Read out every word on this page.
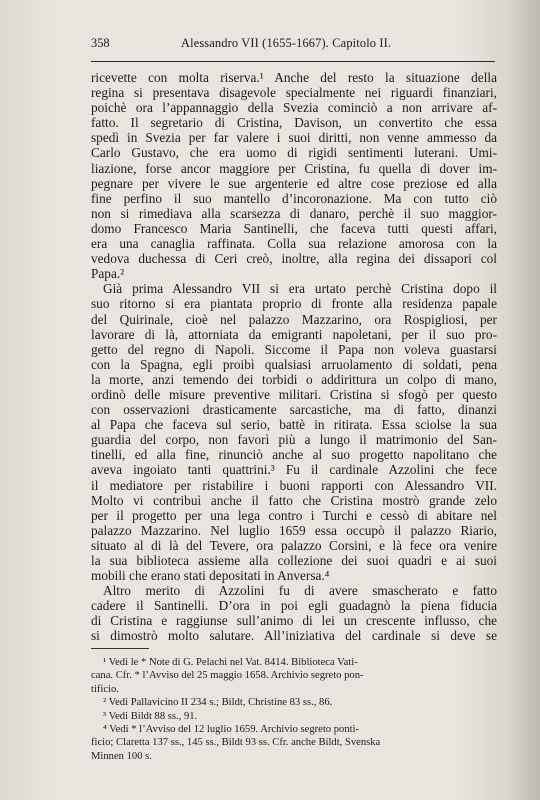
358	Alessandro VII (1655-1667). Capitolo II.
ricevette con molta riserva.¹ Anche del resto la situazione della
regina si presentava disagevole specialmente nei riguardi finanziari,
poichè ora l’appannaggio della Svezia cominciò a non arrivare af-
fatto. Il segretario di Cristina, Davison, un convertito che essa
spedì in Svezia per far valere i suoi diritti, non venne ammesso da
Carlo Gustavo, che era uomo di rigidi sentimenti luterani. Umi-
liazione, forse ancor maggiore per Cristina, fu quella di dover im-
pegnare per vivere le sue argenterie ed altre cose preziose ed alla
fine perfino il suo mantello d’incoronazione. Ma con tutto ciò
non si rimediava alla scarsezza di danaro, perchè il suo maggior-
domo Francesco Maria Santinelli, che faceva tutti questi affari,
era una canaglia raffinata. Colla sua relazione amorosa con la
vedova duchessa di Ceri creò, inoltre, alla regina dei dissapori col
Papa.²
Già prima Alessandro VII si era urtato perchè Cristina dopo il
suo ritorno si era piantata proprio di fronte alla residenza papale
del Quirinale, cioè nel palazzo Mazzarino, ora Rospigliosi, per
lavorare di là, attorniata da emigranti napoletani, per il suo pro-
getto del regno di Napoli. Siccome il Papa non voleva guastarsi
con la Spagna, egli proibì qualsiasi arruolamento di soldati, pena
la morte, anzi temendo dei torbidi o addirittura un colpo di mano,
ordinò delle misure preventive militari. Cristina si sfogò per questo
con osservazioni drasticamente sarcastiche, ma di fatto, dinanzi
al Papa che faceva sul serio, battè in ritirata. Essa sciolse la sua
guardia del corpo, non favorì più a lungo il matrimonio del San-
tinelli, ed alla fine, rinunciò anche al suo progetto napolitano che
aveva ingoiato tanti quattrini.³ Fu il cardinale Azzolini che fece
il mediatore per ristabilire i buoni rapporti con Alessandro VII.
Molto vi contribuì anche il fatto che Cristina mostrò grande zelo
per il progetto per una lega contro i Turchi e cessò di abitare nel
palazzo Mazzarino. Nel luglio 1659 essa occupò il palazzo Riario,
situato al di là del Tevere, ora palazzo Corsini, e là fece ora venire
la sua biblioteca assieme alla collezione dei suoi quadri e ai suoi
mobili che erano stati depositati in Anversa.⁴
Altro merito di Azzolini fu di avere smascherato e fatto
cadere il Santinelli. D’ora in poi egli guadagnò la piena fiducia
di Cristina e raggiunse sull’animo di lei un crescente influsso, che
si dimostrò molto salutare. All’iniziativa del cardinale si deve se
¹ Vedi le * Note di G. Pelachi nel Vat. 8414. Biblioteca Vati-
cana. Cfr. * l’Avviso del 25 maggio 1658. Archivio segreto pon-
tificio.
² Vedi Pallavicino II 234 s.; Bildt, Christine 83 ss., 86.
³ Vedi Bildt 88 ss., 91.
⁴ Vedi * l’Avviso del 12 luglio 1659. Archivio segreto ponti-
ficio; Claretta 137 ss., 145 ss., Bildt 93 ss. Cfr. anche Bildt, Svenska
Minnen 100 s.
